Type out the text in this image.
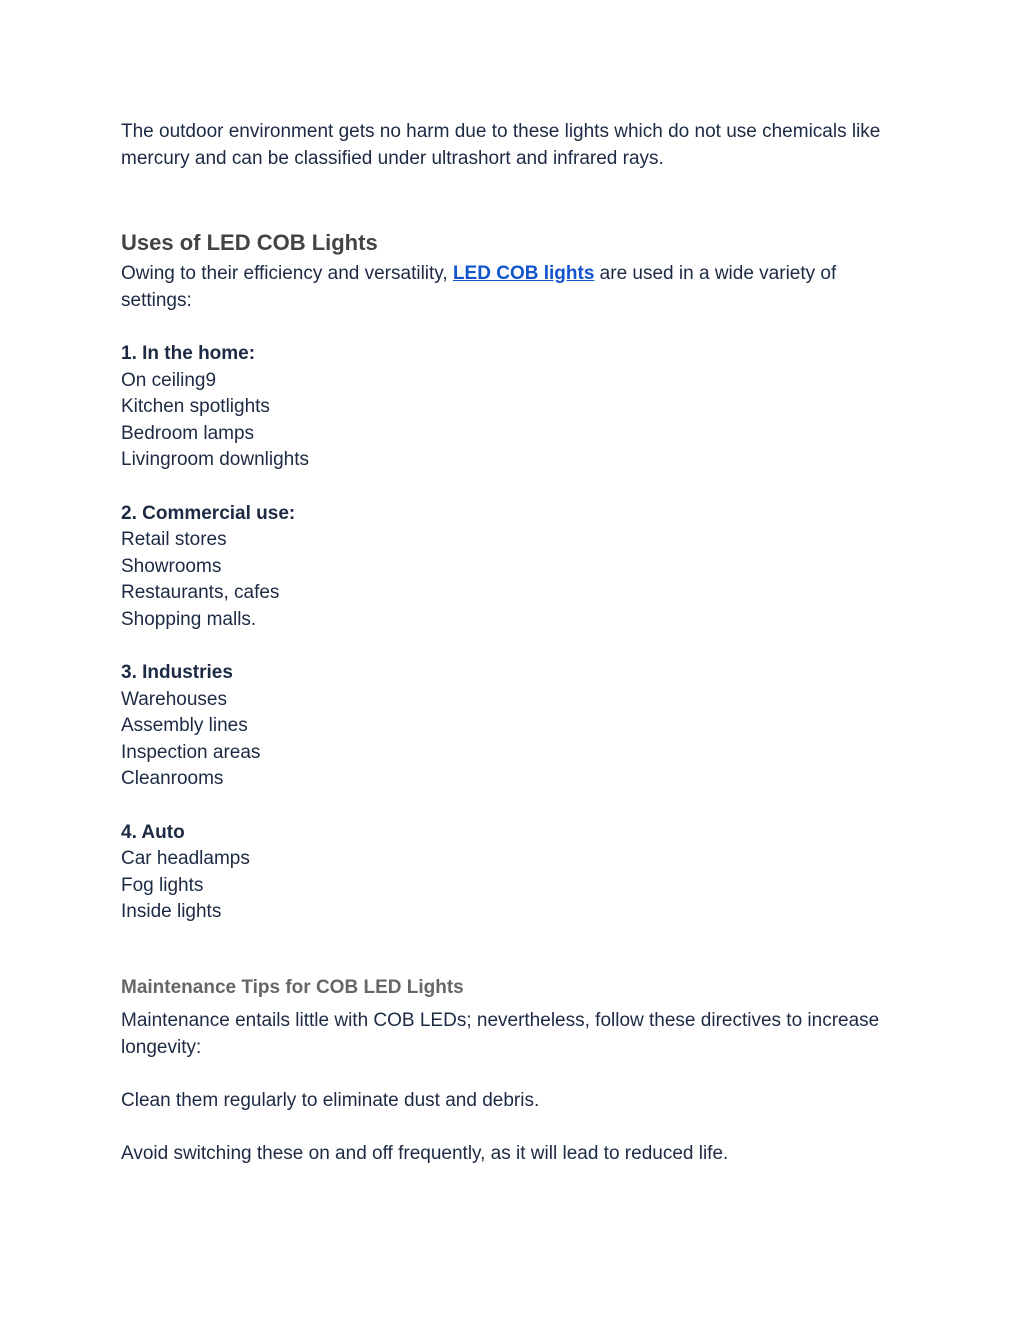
The outdoor environment gets no harm due to these lights which do not use chemicals like mercury and can be classified under ultrashort and infrared rays.

Uses of LED COB Lights

Owing to their efficiency and versatility, LED COB lights are used in a wide variety of settings:

1. In the home:

On ceiling9
Kitchen spotlights
Bedroom lamps
Livingroom downlights

2. Commercial use:

Retail stores
Showrooms
Restaurants, cafes
Shopping malls.

3. Industries

Warehouses
Assembly lines
Inspection areas
Cleanrooms

4. Auto

Car headlamps
Fog lights
Inside lights
Maintenance Tips for COB LED Lights

Maintenance entails little with COB LEDs; nevertheless, follow these directives to increase longevity:

Clean them regularly to eliminate dust and debris.

Avoid switching these on and off frequently, as it will lead to reduced life.
